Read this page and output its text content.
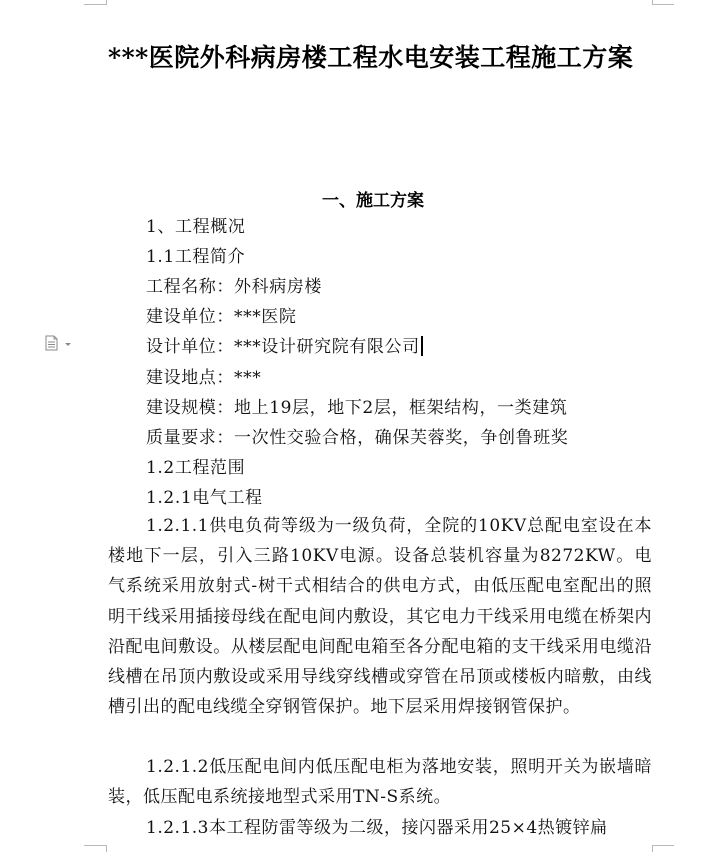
***医院外科病房楼工程水电安装工程施工方案
一、施工方案
1、工程概况
1.1工程简介
工程名称：外科病房楼
建设单位：***医院
设计单位：***设计研究院有限公司
建设地点：***
建设规模：地上19层，地下2层，框架结构，一类建筑
质量要求：一次性交验合格，确保芙蓉奖，争创鲁班奖
1.2工程范围
1.2.1电气工程

1.2.1.1供电负荷等级为一级负荷，全院的10KV总配电室设在本楼地下一层，引入三路10KV电源。设备总装机容量为8272KW。电气系统采用放射式-树干式相结合的供电方式，由低压配电室配出的照明干线采用插接母线在配电间内敷设，其它电力干线采用电缆在桥架内沿配电间敷设。从楼层配电间配电箱至各分配电箱的支干线采用电缆沿线槽在吊顶内敷设或采用导线穿线槽或穿管在吊顶或楼板内暗敷，由线槽引出的配电线缆全穿钢管保护。地下层采用焊接钢管保护。

1.2.1.2低压配电间内低压配电柜为落地安装，照明开关为嵌墙暗装，低压配电系统接地型式采用TN-S系统。

1.2.1.3本工程防雷等级为二级，接闪器采用25×4热镀锌扁
